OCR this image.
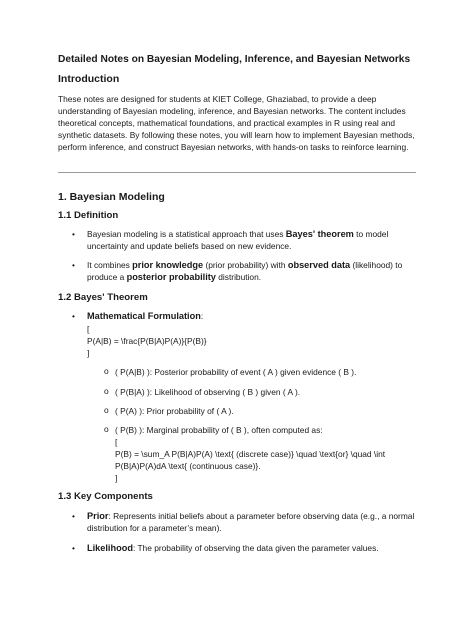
Detailed Notes on Bayesian Modeling, Inference, and Bayesian Networks
Introduction
These notes are designed for students at KIET College, Ghaziabad, to provide a deep understanding of Bayesian modeling, inference, and Bayesian networks. The content includes theoretical concepts, mathematical foundations, and practical examples in R using real and synthetic datasets. By following these notes, you will learn how to implement Bayesian methods, perform inference, and construct Bayesian networks, with hands-on tasks to reinforce learning.
1. Bayesian Modeling
1.1 Definition
• Bayesian modeling is a statistical approach that uses Bayes' theorem to model uncertainty and update beliefs based on new evidence.
• It combines prior knowledge (prior probability) with observed data (likelihood) to produce a posterior probability distribution.
1.2 Bayes' Theorem
• Mathematical Formulation:
[
P(A|B) = \frac{P(B|A)P(A)}{P(B)}
]
o ( P(A|B) ): Posterior probability of event ( A ) given evidence ( B ).
o ( P(B|A) ): Likelihood of observing ( B ) given ( A ).
o ( P(A) ): Prior probability of ( A ).
o ( P(B) ): Marginal probability of ( B ), often computed as:
[
P(B) = \sum_A P(B|A)P(A) \text{ (discrete case)} \quad \text{or} \quad \int
P(B|A)P(A)dA \text{ (continuous case)}.
]
1.3 Key Components
• Prior: Represents initial beliefs about a parameter before observing data (e.g., a normal distribution for a parameter’s mean).
• Likelihood: The probability of observing the data given the parameter values.
